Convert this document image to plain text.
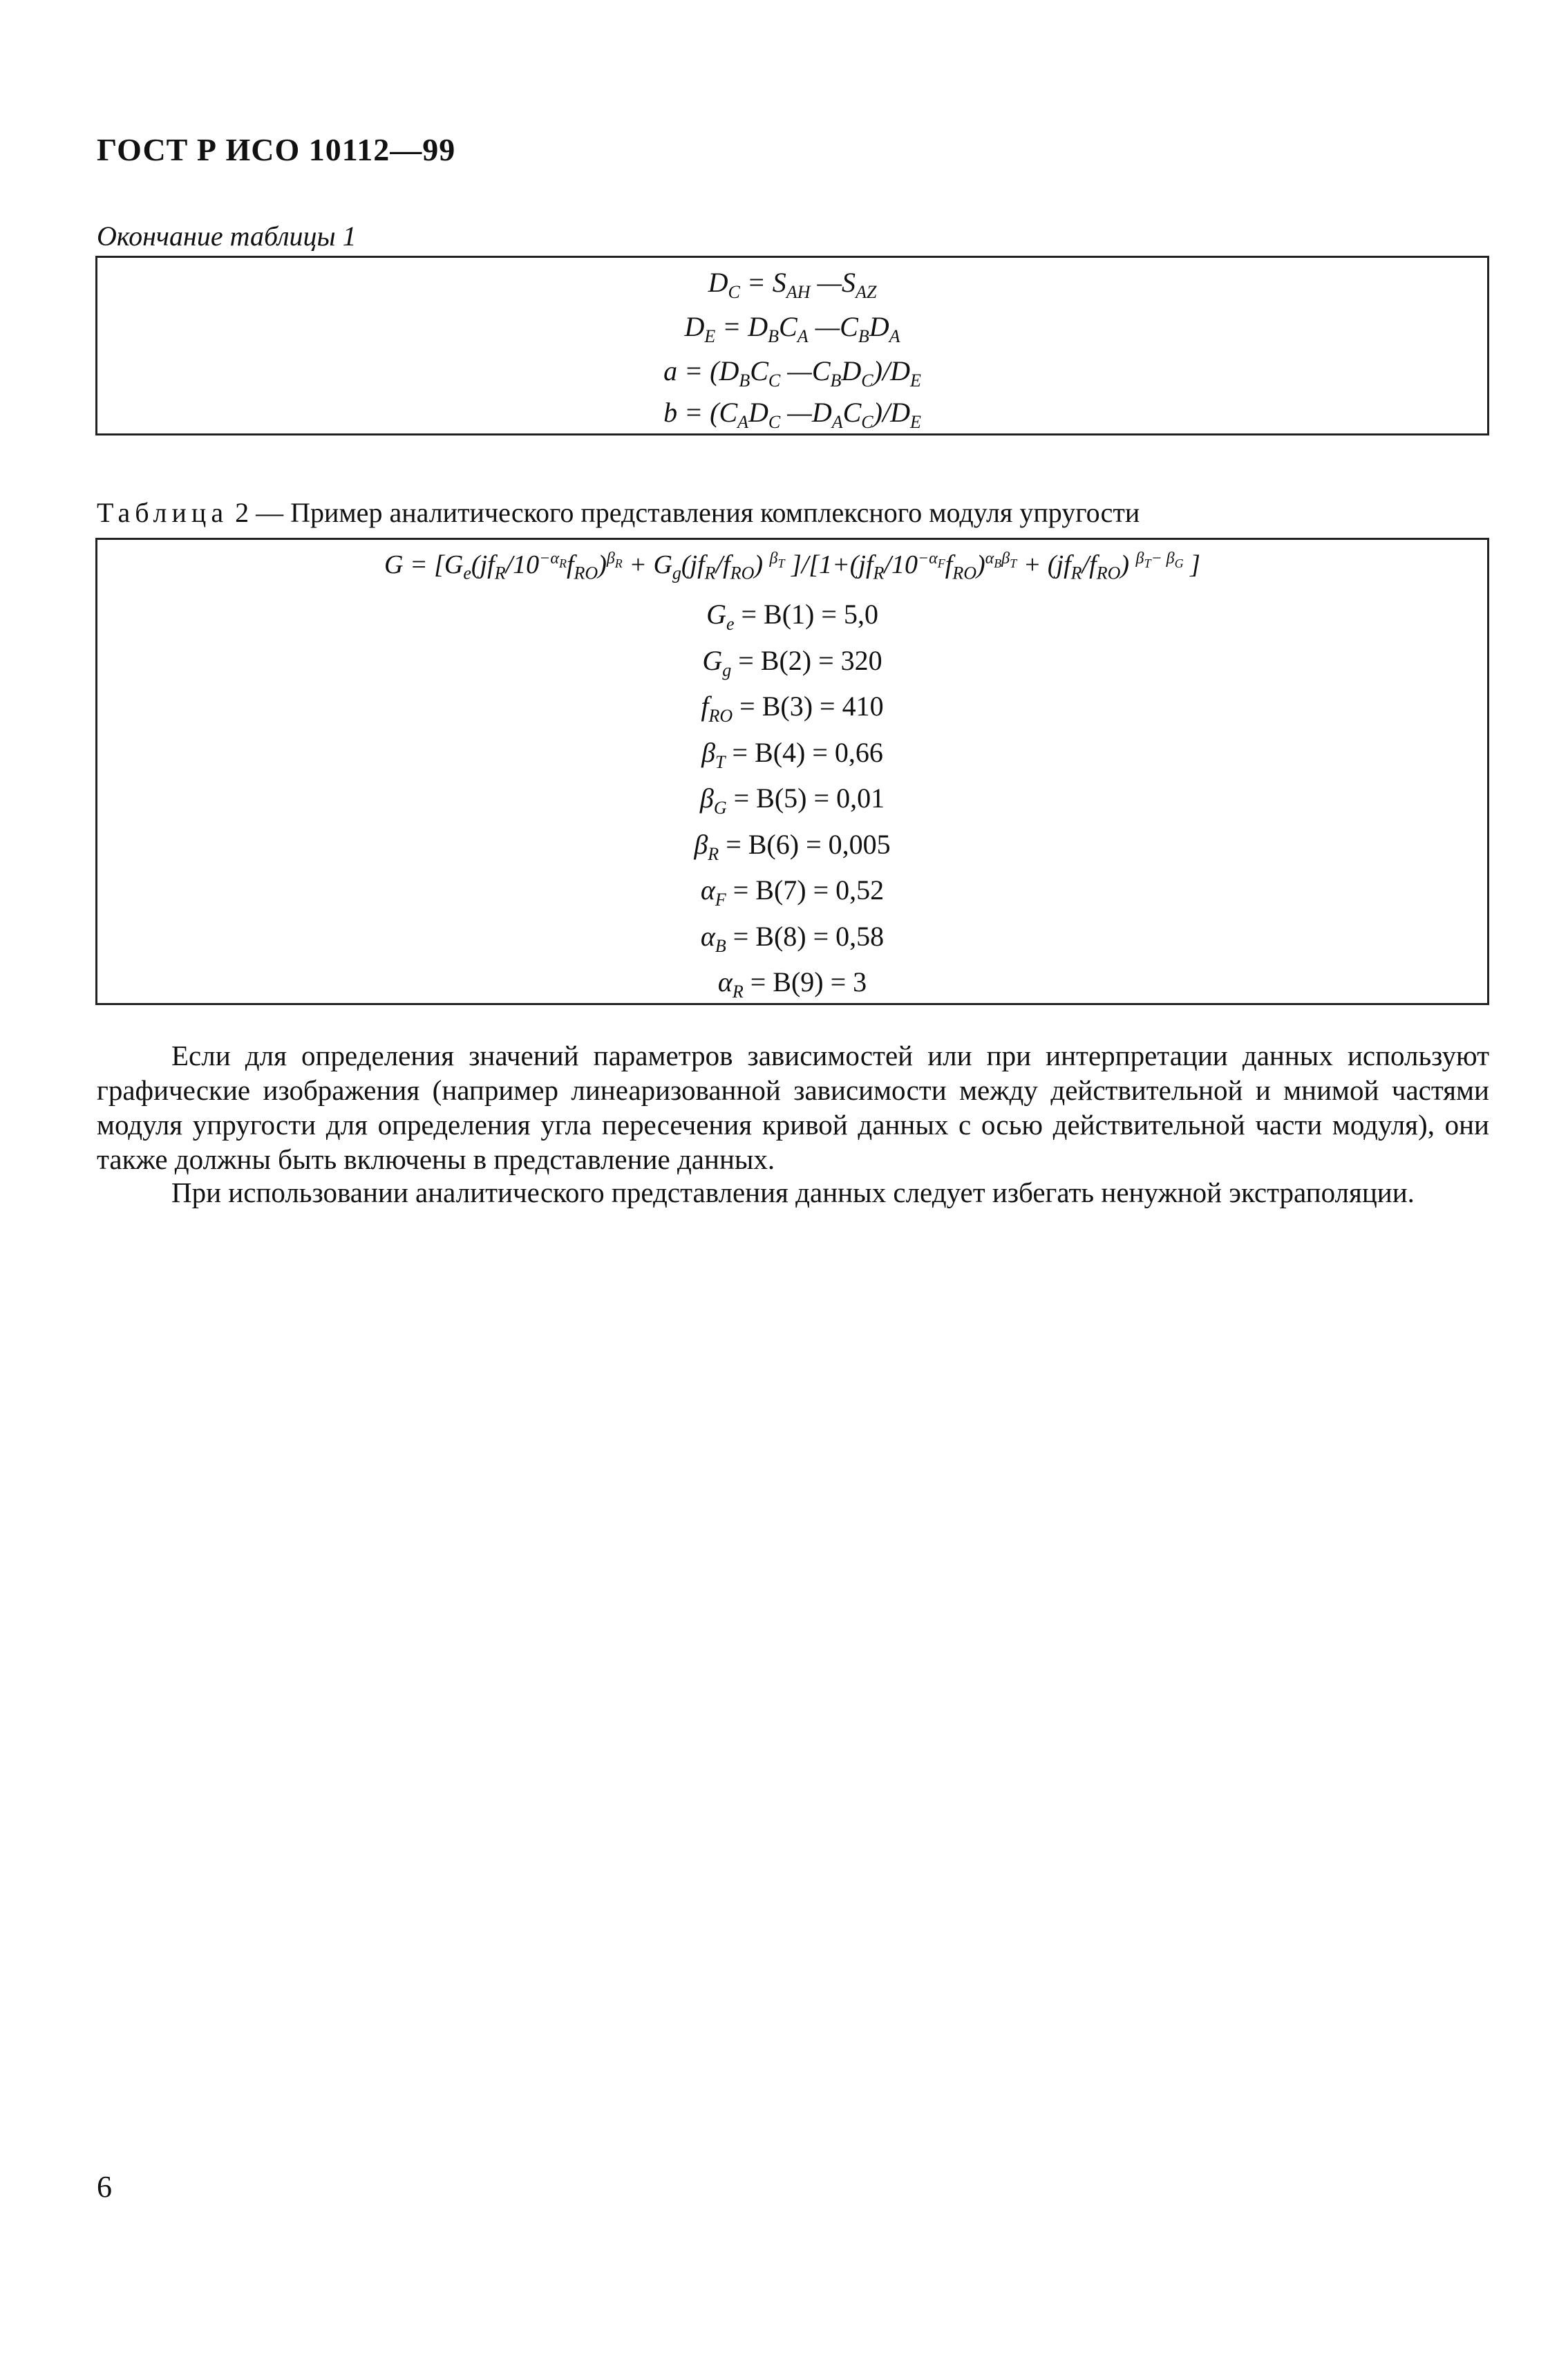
ГОСТ Р ИСО 10112—99
Окончание таблицы 1
$D_C = S_{AH}$ $—S_{AZ}$
$D_E = D_BC_A$ $—C_BD_A$
$a = (D_BC_C$ $—C_BD_C)/D_E$
$b = (C_AD_C$ $—D_AC_C)/D_E$
Таблица 2 — Пример аналитического представления комплексного модуля упругости
$G = [G_e(jf_R/10^{-\alpha_R}f_{RO})^{\beta_R} + G_g(jf_R/f_{RO})$ $^{\beta_T}$ ]$/[1+(jf_R/10^{-\alpha_F}f_{RO})^{\alpha_B\beta_T} + (jf_R/f_{RO})$ $^{\beta_T- \beta_G}$ ]
$G_e = B(1) = 5,0$
$G_g = B(2) = 320$
$f_{RO} = B(3) = 410$
$\beta_T = B(4) = 0,66$
$\beta_G = B(5) = 0,01$
$\beta_R = B(6) = 0,005$
$\alpha_F = B(7) = 0,52$
$\alpha_B = B(8) = 0,58$
$\alpha_R = B(9) = 3$

Если для определения значений параметров зависимостей или при интерпретации данных используют графические изображения (например линеаризованной зависимости между действительной и мнимой частями модуля упругости для определения угла пересечения кривой данных с осью действительной части модуля), они также должны быть включены в представление данных.

При использовании аналитического представления данных следует избегать ненужной экстраполяции.

6
